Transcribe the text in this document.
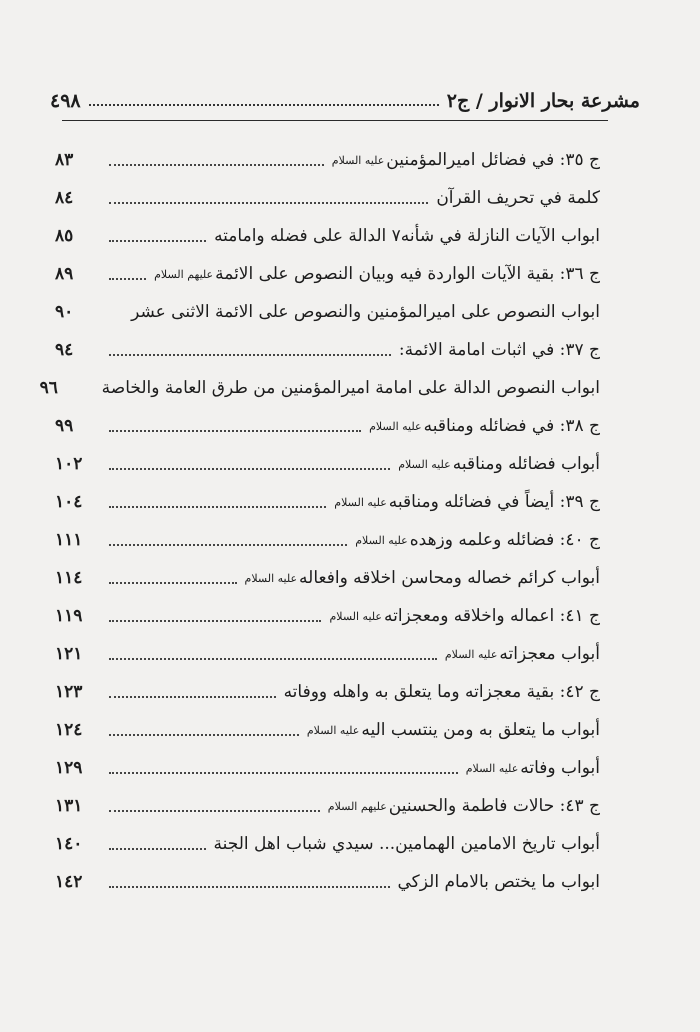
مشرعة بحار الانوار / ج٢
٤٩٨
ج ٣٥: في فضائل اميرالمؤمنين
عليه السلام
٨٣
كلمة في تحريف القرآن
٨٤
ابواب الآيات النازلة في شأنه٧ الدالة على فضله وامامته
٨٥
ج ٣٦: بقية الآيات الواردة فيه وبيان النصوص على الائمة
عليهم السلام
٨٩
ابواب النصوص على اميرالمؤمنين والنصوص على الائمة الاثنى عشر
٩٠
ج ٣٧: في اثبات امامة الائمة:
٩٤
ابواب النصوص الدالة على امامة اميرالمؤمنين من طرق العامة والخاصة
٩٦
ج ٣٨: في فضائله ومناقبه
عليه السلام
٩٩
أبواب فضائله ومناقبه
عليه السلام
١٠٢
ج ٣٩: أيضاً في فضائله ومناقبه
عليه السلام
١٠٤
ج ٤٠: فضائله وعلمه وزهده
عليه السلام
١١١
أبواب كرائم خصاله ومحاسن اخلاقه وافعاله
عليه السلام
١١٤
ج ٤١: اعماله واخلاقه ومعجزاته
عليه السلام
١١٩
أبواب معجزاته
عليه السلام
١٢١
ج ٤٢: بقية معجزاته وما يتعلق به واهله ووفاته
١٢٣
أبواب ما يتعلق به ومن ينتسب اليه
عليه السلام
١٢٤
أبواب وفاته
عليه السلام
١٢٩
ج ٤٣: حالات فاطمة والحسنين
عليهم السلام
١٣١
أبواب تاريخ الامامين الهمامين... سيدي شباب اهل الجنة
١٤٠
ابواب ما يختص بالامام الزكي
١٤٢
